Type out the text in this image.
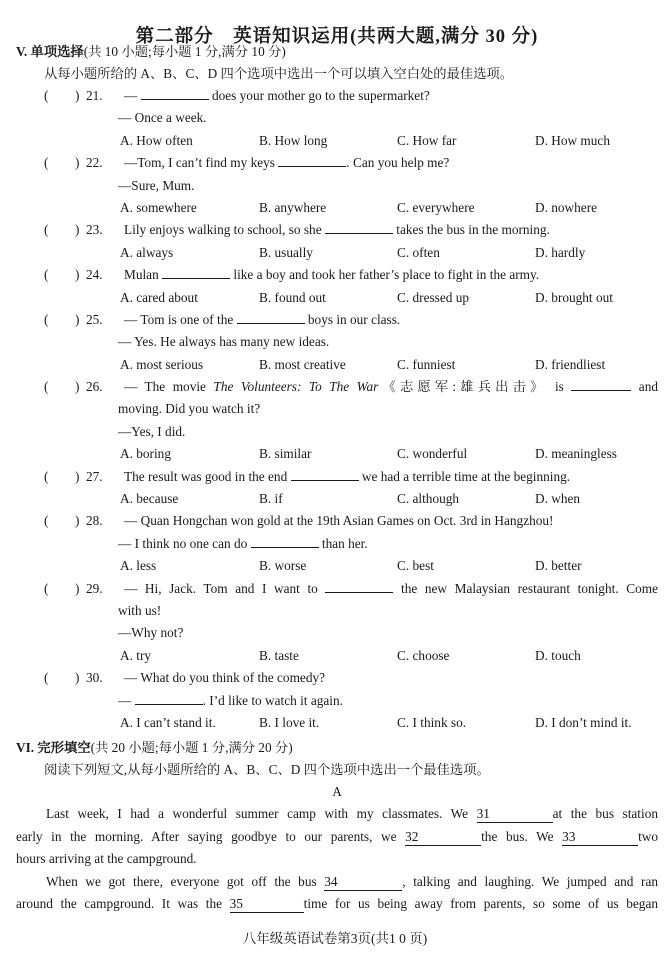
第二部分　英语知识运用(共两大题,满分 30 分)
V. 单项选择(共 10 小题;每小题 1 分,满分 10 分)
从每小题所给的 A、B、C、D 四个选项中选出一个可以填入空白处的最佳选项。
(　　) 21. —	does your mother go to the supermarket?
— Once a week.
A. How often	B. How long	C. How far	D. How much
(　　) 22. —Tom, I can’t find my keys	. Can you help me?
—Sure, Mum.
A. somewhere	B. anywhere	C. everywhere	D. nowhere
(　　) 23. Lily enjoys walking to school, so she	takes the bus in the morning.
A. always	B. usually	C. often	D. hardly
(　　) 24. Mulan	like a boy and took her father’s place to fight in the army.
A. cared about	B. found out	C. dressed up	D. brought out
(　　) 25. — Tom is one of the	boys in our class.
— Yes. He always has many new ideas.
A. most serious	B. most creative	C. funniest	D. friendliest
(　　) 26. — The movie The Volunteers: To The War《志愿军:雄兵出击》 is	and
moving. Did you watch it?
—Yes, I did.
A. boring	B. similar	C. wonderful	D. meaningless
(　　) 27. The result was good in the end	we had a terrible time at the beginning.
A. because	B. if	C. although	D. when
(　　) 28. — Quan Hongchan won gold at the 19th Asian Games on Oct. 3rd in Hangzhou!
— I think no one can do	than her.
A. less	B. worse	C. best	D. better
(　　) 29. — Hi, Jack. Tom and I want to	the new Malaysian restaurant tonight. Come
with us!
—Why not?
A. try	B. taste	C. choose	D. touch
(　　) 30. — What do you think of the comedy?
—	. I’d like to watch it again.
A. I can’t stand it.	B. I love it.	C. I think so.	D. I don’t mind it.
VI. 完形填空(共 20 小题;每小题 1 分,满分 20 分)
阅读下列短文,从每小题所给的 A、B、C、D 四个选项中选出一个最佳选项。
A
Last week, I had a wonderful summer camp with my classmates. We 31	at the bus station
early in the morning. After saying goodbye to our parents, we 32	the bus. We 33	two
hours arriving at the campground.
When we got there, everyone got off the bus 34	, talking and laughing. We jumped and ran
around the campground. It was the 35	time for us being away from parents, so some of us began
八年级英语试卷第3页(共1 0 页)
